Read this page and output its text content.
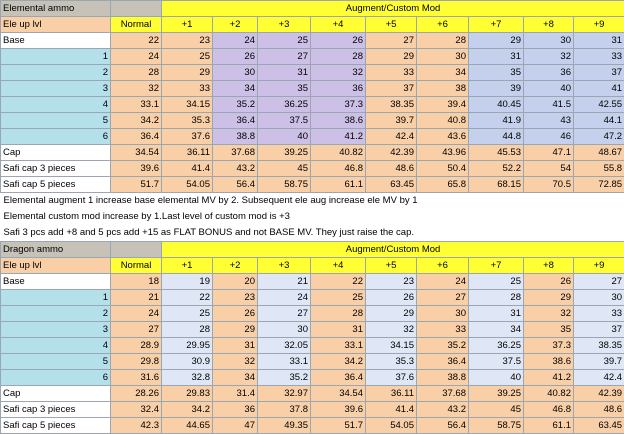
Elemental ammo		Augment/Custom Mod								
Ele up lvl	Normal	+1	+2	+3	+4	+5	+6	+7	+8	+9
Base	22	23	24	25	26	27	28	29	30	31
1	24	25	26	27	28	29	30	31	32	33
2	28	29	30	31	32	33	34	35	36	37
3	32	33	34	35	36	37	38	39	40	41
4	33.1	34.15	35.2	36.25	37.3	38.35	39.4	40.45	41.5	42.55
5	34.2	35.3	36.4	37.5	38.6	39.7	40.8	41.9	43	44.1
6	36.4	37.6	38.8	40	41.2	42.4	43.6	44.8	46	47.2
Cap	34.54	36.11	37.68	39.25	40.82	42.39	43.96	45.53	47.1	48.67
Safi cap 3 pieces	39.6	41.4	43.2	45	46.8	48.6	50.4	52.2	54	55.8
Safi cap 5 pieces	51.7	54.05	56.4	58.75	61.1	63.45	65.8	68.15	70.5	72.85
Elemental augment 1 increase base elemental MV by 2. Subsequent ele aug increase ele MV by 1										
Elemental custom mod increase by 1.Last level of custom mod is +3										
Safi 3 pcs add +8 and 5 pcs add +15 as FLAT BONUS and not BASE MV. They just raise the cap.										
Dragon ammo		Augment/Custom Mod								
Ele up lvl	Normal	+1	+2	+3	+4	+5	+6	+7	+8	+9
Base	18	19	20	21	22	23	24	25	26	27
1	21	22	23	24	25	26	27	28	29	30
2	24	25	26	27	28	29	30	31	32	33
3	27	28	29	30	31	32	33	34	35	37
4	28.9	29.95	31	32.05	33.1	34.15	35.2	36.25	37.3	38.35
5	29.8	30.9	32	33.1	34.2	35.3	36.4	37.5	38.6	39.7
6	31.6	32.8	34	35.2	36.4	37.6	38.8	40	41.2	42.4
Cap	28.26	29.83	31.4	32.97	34.54	36.11	37.68	39.25	40.82	42.39
Safi cap 3 pieces	32.4	34.2	36	37.8	39.6	41.4	43.2	45	46.8	48.6
Safi cap 5 pieces	42.3	44.65	47	49.35	51.7	54.05	56.4	58.75	61.1	63.45
